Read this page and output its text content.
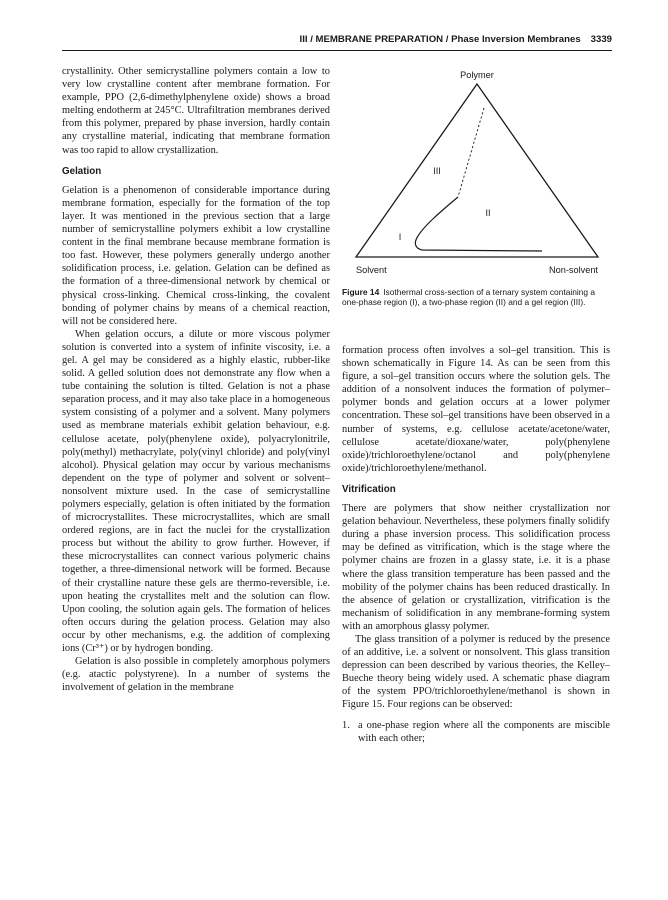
III / MEMBRANE PREPARATION / Phase Inversion Membranes 3339

crystallinity. Other semicrystalline polymers contain a low to very low crystalline content after membrane formation. For example, PPO (2,6-dimethylphenylene oxide) shows a broad melting endotherm at 245°C. Ultrafiltration membranes derived from this polymer, prepared by phase inversion, hardly contain any crystalline material, indicating that membrane formation was too rapid to allow crystallization.

Gelation

Gelation is a phenomenon of considerable importance during membrane formation, especially for the formation of the top layer. It was mentioned in the previous section that a large number of semicrystalline polymers exhibit a low crystalline content in the final membrane because membrane formation is too fast. However, these polymers generally undergo another solidification process, i.e. gelation. Gelation can be defined as the formation of a three-dimensional network by chemical or physical cross-linking. Chemical cross-linking, the covalent bonding of polymer chains by means of a chemical reaction, will not be considered here.

When gelation occurs, a dilute or more viscous polymer solution is converted into a system of infinite viscosity, i.e. a gel. A gel may be considered as a highly elastic, rubber-like solid. A gelled solution does not demonstrate any flow when a tube containing the solution is tilted. Gelation is not a phase separation process, and it may also take place in a homogeneous system consisting of a polymer and a solvent. Many polymers used as membrane materials exhibit gelation behaviour, e.g. cellulose acetate, poly(phenylene oxide), polyacrylonitrile, poly(methyl) methacrylate, poly(vinyl chloride) and poly(vinyl alcohol). Physical gelation may occur by various mechanisms dependent on the type of polymer and solvent or solvent–nonsolvent mixture used. In the case of semicrystalline polymers especially, gelation is often initiated by the formation of microcrystallites. These microcrystallites, which are small ordered regions, are in fact the nuclei for the crystallization process but without the ability to grow further. However, if these microcrystallites can connect various polymeric chains together, a three-dimensional network will be formed. Because of their crystalline nature these gels are thermo-reversible, i.e. upon heating the crystallites melt and the solution can flow. Upon cooling, the solution again gels. The formation of helices often occurs during the gelation process. Gelation may also occur by other mechanisms, e.g. the addition of complexing ions (Cr³⁺) or by hydrogen bonding.

Gelation is also possible in completely amorphous polymers (e.g. atactic polystyrene). In a number of systems the involvement of gelation in the membrane

Polymer
Solvent	Non-solvent
I
II
III
Figure 14 Isothermal cross-section of a ternary system containing a one-phase region (I), a two-phase region (II) and a gel region (III).

formation process often involves a sol–gel transition. This is shown schematically in Figure 14. As can be seen from this figure, a sol–gel transition occurs where the solution gels. The addition of a nonsolvent induces the formation of polymer–polymer bonds and gelation occurs at a lower polymer concentration. These sol–gel transitions have been observed in a number of systems, e.g. cellulose acetate/acetone/water, cellulose acetate/dioxane/water, poly(phenylene oxide)/trichloroethylene/octanol and poly(phenylene oxide)/trichloroethylene/methanol.

Vitrification

There are polymers that show neither crystallization nor gelation behaviour. Nevertheless, these polymers finally solidify during a phase inversion process. This solidification process may be defined as vitrification, which is the stage where the polymer chains are frozen in a glassy state, i.e. it is a phase where the glass transition temperature has been passed and the mobility of the polymer chains has been reduced drastically. In the absence of gelation or crystallization, vitrification is the mechanism of solidification in any membrane-forming system with an amorphous glassy polymer.

The glass transition of a polymer is reduced by the presence of an additive, i.e. a solvent or nonsolvent. This glass transition depression can been described by various theories, the Kelley–Bueche theory being widely used. A schematic phase diagram of the system PPO/trichloroethylene/methanol is shown in Figure 15. Four regions can be observed:

1. a one-phase region where all the components are miscible with each other;
